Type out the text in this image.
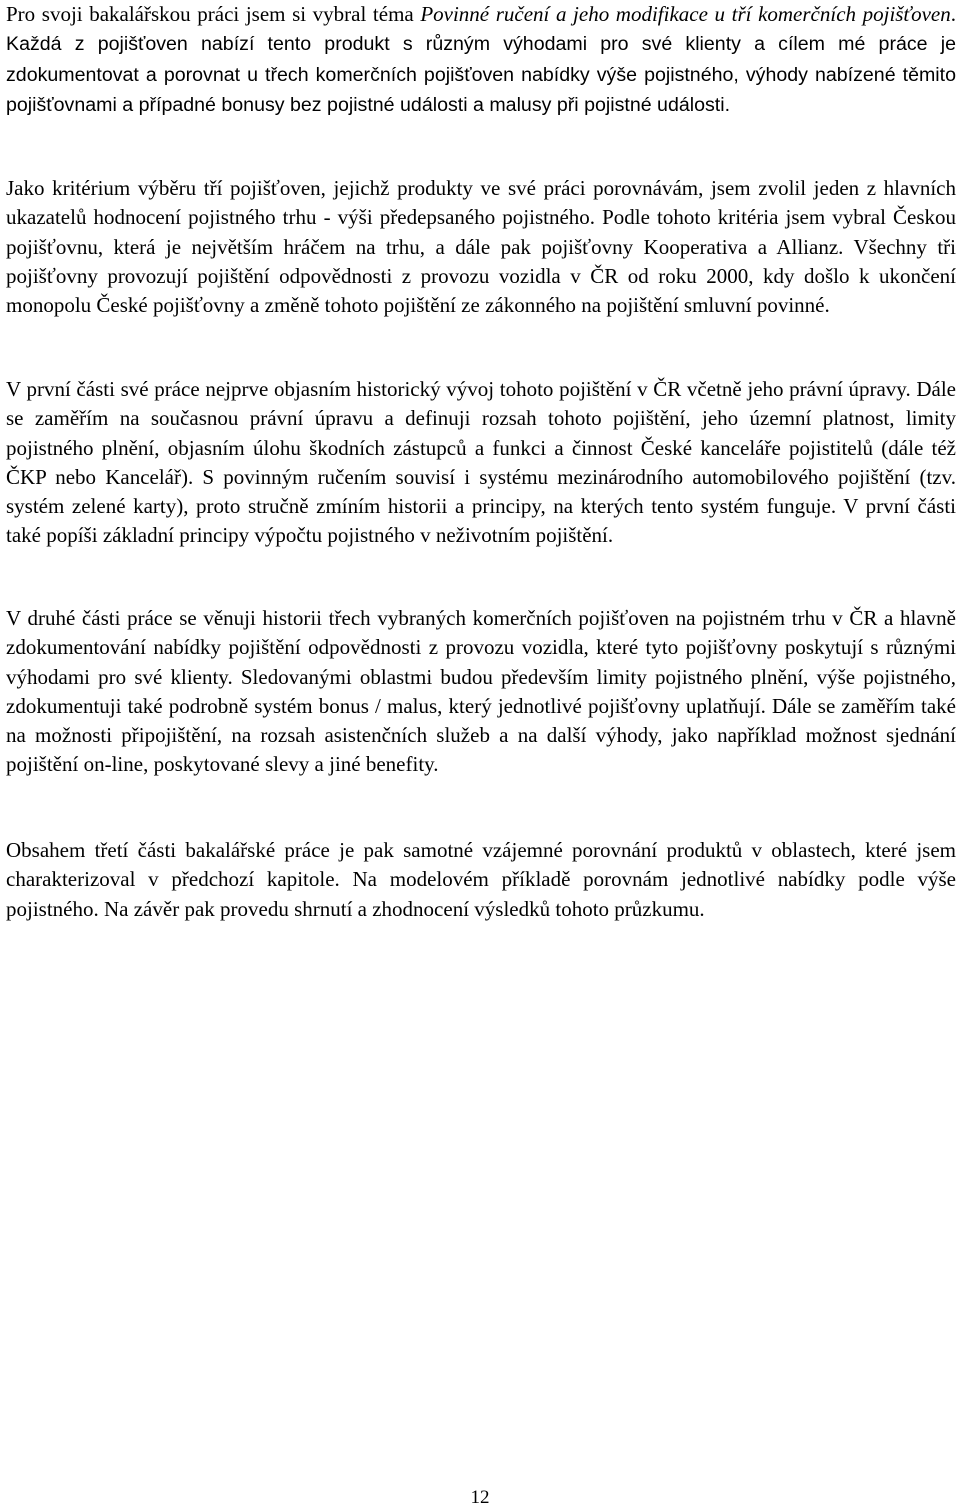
Pro svoji bakalářskou práci jsem si vybral téma Povinné ručení a jeho modifikace u tří komerčních pojišťoven. Každá z pojišťoven nabízí tento produkt s různým výhodami pro své klienty a cílem mé práce je zdokumentovat a porovnat u třech komerčních pojišťoven nabídky výše pojistného, výhody nabízené těmito pojišťovnami a případné bonusy bez pojistné události a malusy při pojistné události.

Jako kritérium výběru tří pojišťoven, jejichž produkty ve své práci porovnávám, jsem zvolil jeden z hlavních ukazatelů hodnocení pojistného trhu - výši předepsaného pojistného. Podle tohoto kritéria jsem vybral Českou pojišťovnu, která je největším hráčem na trhu, a dále pak pojišťovny Kooperativa a Allianz. Všechny tři pojišťovny provozují pojištění odpovědnosti z provozu vozidla v ČR od roku 2000, kdy došlo k ukončení monopolu České pojišťovny a změně tohoto pojištění ze zákonného na pojištění smluvní povinné.

V první části své práce nejprve objasním historický vývoj tohoto pojištění v ČR včetně jeho právní úpravy. Dále se zaměřím na současnou právní úpravu a definuji rozsah tohoto pojištění, jeho územní platnost, limity pojistného plnění, objasním úlohu škodních zástupců a funkci a činnost České kanceláře pojistitelů (dále též ČKP nebo Kancelář). S povinným ručením souvisí i systému mezinárodního automobilového pojištění (tzv. systém zelené karty), proto stručně zmíním historii a principy, na kterých tento systém funguje. V první části také popíši základní principy výpočtu pojistného v neživotním pojištění.

V druhé části práce se věnuji historii třech vybraných komerčních pojišťoven na pojistném trhu v ČR a hlavně zdokumentování nabídky pojištění odpovědnosti z provozu vozidla, které tyto pojišťovny poskytují s různými výhodami pro své klienty. Sledovanými oblastmi budou především limity pojistného plnění, výše pojistného, zdokumentuji také podrobně systém bonus / malus, který jednotlivé pojišťovny uplatňují. Dále se zaměřím také na možnosti připojištění, na rozsah asistenčních služeb a na další výhody, jako například možnost sjednání pojištění on-line, poskytované slevy a jiné benefity.

Obsahem třetí části bakalářské práce je pak samotné vzájemné porovnání produktů v oblastech, které jsem charakterizoval v předchozí kapitole. Na modelovém příkladě porovnám jednotlivé nabídky podle výše pojistného. Na závěr pak provedu shrnutí a zhodnocení výsledků tohoto průzkumu.

12
